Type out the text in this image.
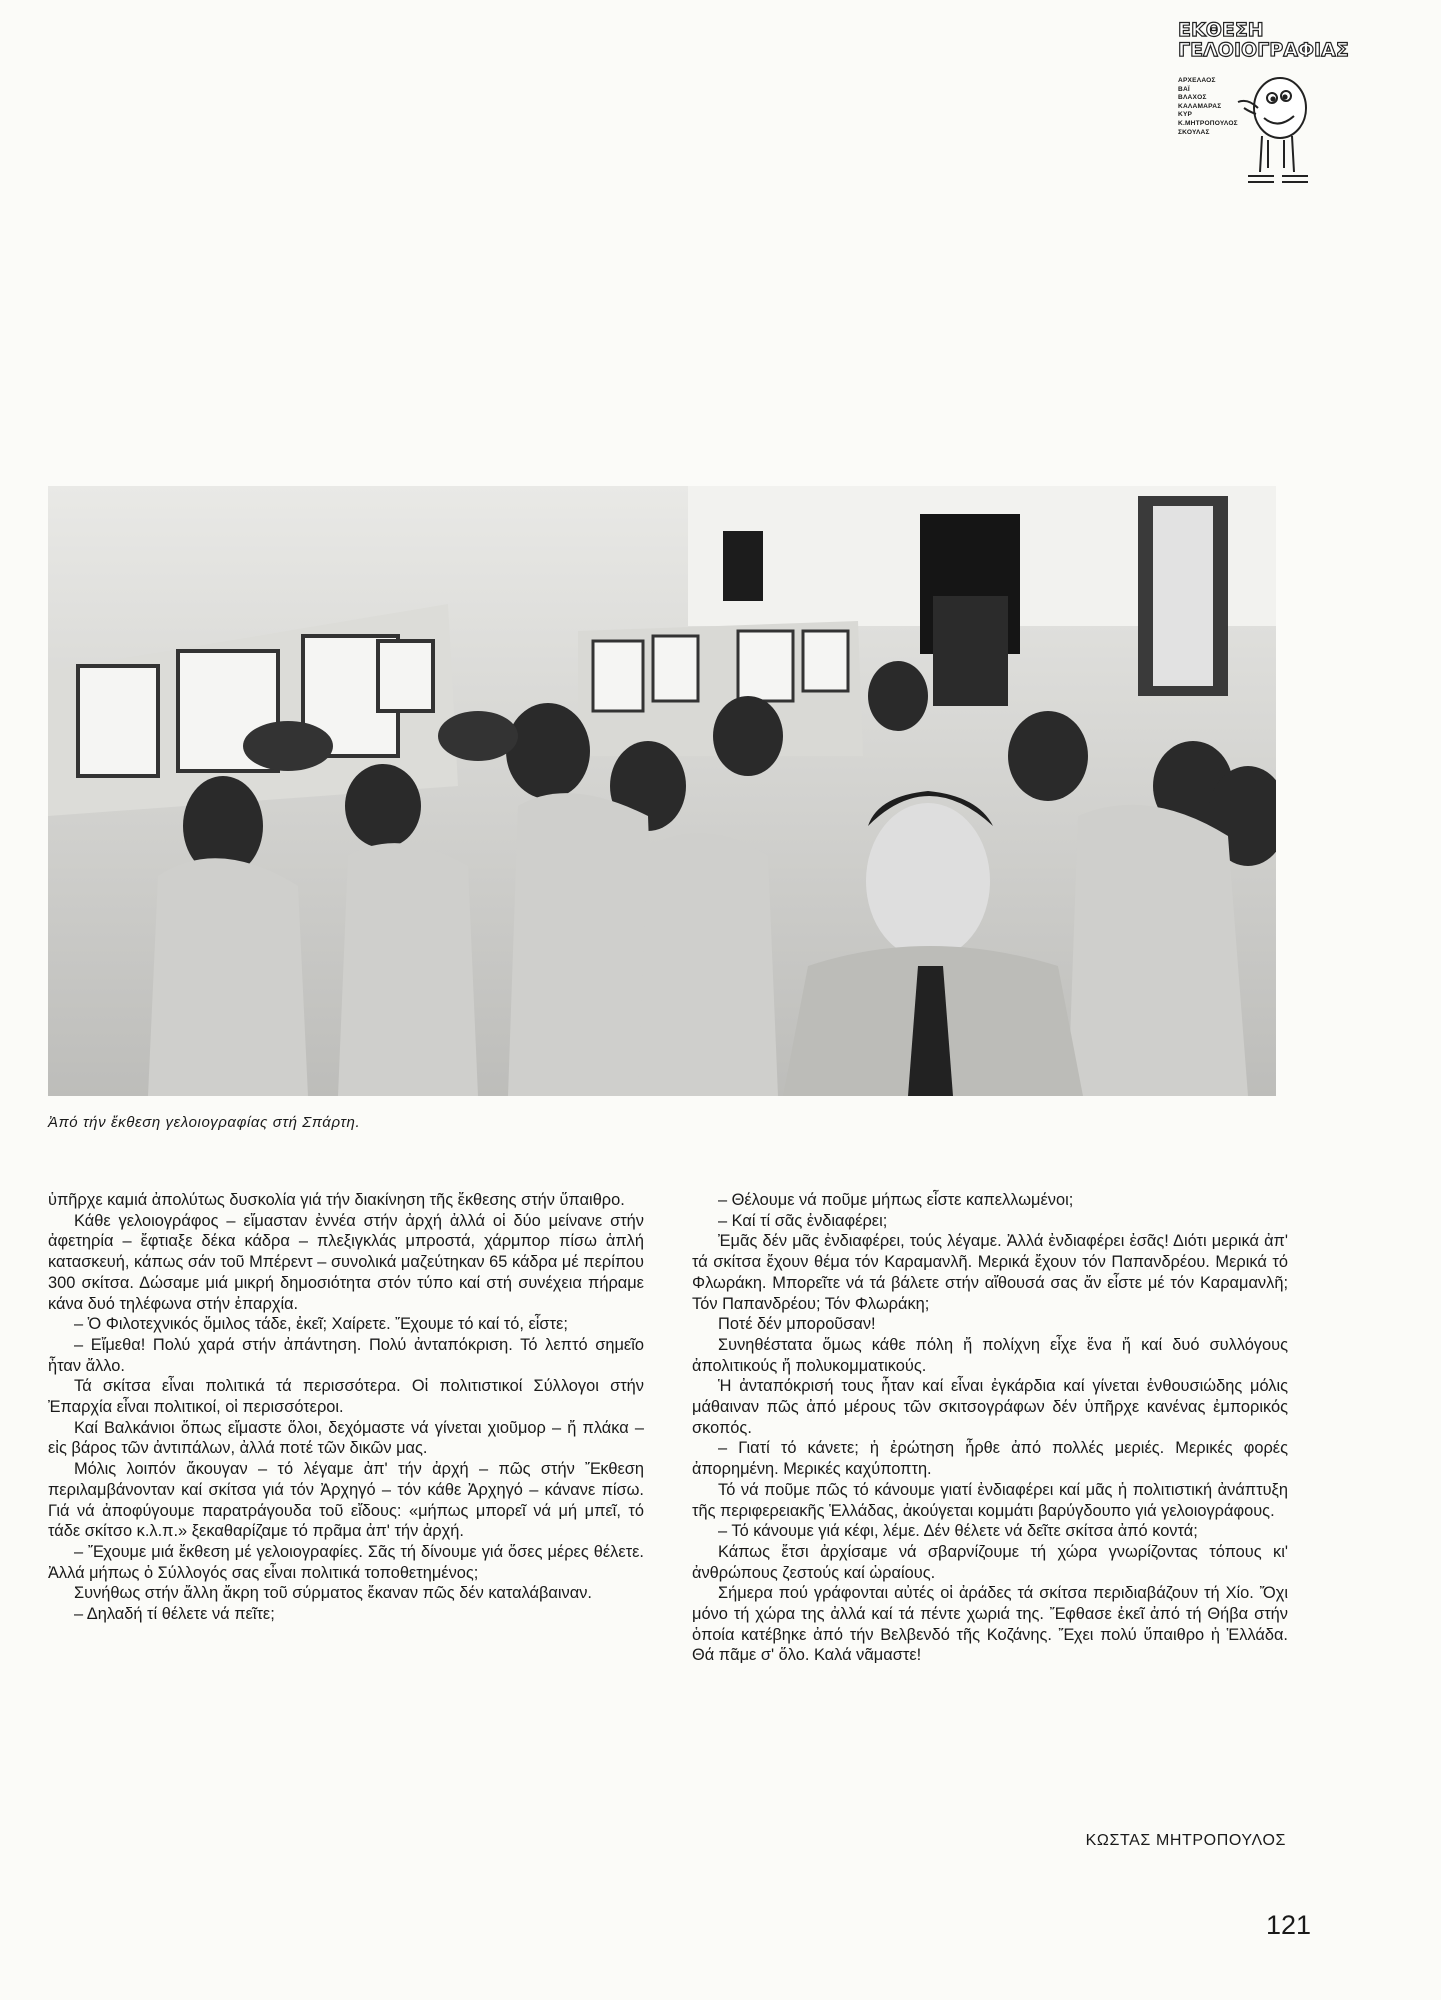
ΕΚΘΕΣΗ
ΓΕΛΟΙΟΓΡΑΦΙΑΣ
ΑΡΧΕΛΑΟΣ
ΒΑΪ
ΒΛΑΧΟΣ
ΚΑΛΑΜΑΡΑΣ
ΚΥΡ
Κ.ΜΗΤΡΟΠΟΥΛΟΣ
ΣΚΟΥΛΑΣ
Ἀπό τήν ἔκθεση γελοιογραφίας στή Σπάρτη.

ὑπῆρχε καμιά ἀπολύτως δυσκολία γιά τήν διακίνηση τῆς ἔκθεσης στήν ὕπαιθρο.

Κάθε γελοιογράφος – εἴμασταν ἐννέα στήν ἀρχή ἀλλά οἱ δύο μείνανε στήν ἀφετηρία – ἔφτιαξε δέκα κάδρα – πλεξιγκλάς μπροστά, χάρμπορ πίσω ἁπλή κατασκευή, κάπως σάν τοῦ Μπέρεντ – συνολικά μαζεύτηκαν 65 κάδρα μέ περίπου 300 σκίτσα. Δώσαμε μιά μικρή δημοσιότητα στόν τύπο καί στή συνέχεια πήραμε κάνα δυό τηλέφωνα στήν ἐπαρχία.

– Ὁ Φιλοτεχνικός ὅμιλος τάδε, ἐκεῖ; Χαίρετε. Ἔχουμε τό καί τό, εἶστε;

– Εἴμεθα! Πολύ χαρά στήν ἀπάντηση. Πολύ ἀνταπόκριση. Τό λεπτό σημεῖο ἦταν ἄλλο.

Τά σκίτσα εἶναι πολιτικά τά περισσότερα. Οἱ πολιτιστικοί Σύλλογοι στήν Ἐπαρχία εἶναι πολιτικοί, οἱ περισσότεροι.

Καί Βαλκάνιοι ὅπως εἴμαστε ὅλοι, δεχόμαστε νά γίνεται χιοῦμορ – ἤ πλάκα – εἰς βάρος τῶν ἀντιπάλων, ἀλλά ποτέ τῶν δικῶν μας.

Μόλις λοιπόν ἄκουγαν – τό λέγαμε ἀπ' τήν ἀρχή – πῶς στήν Ἔκθεση περιλαμβάνονταν καί σκίτσα γιά τόν Ἀρχηγό – τόν κάθε Ἀρχηγό – κάνανε πίσω. Γιά νά ἀποφύγουμε παρατράγουδα τοῦ εἴδους: «μήπως μπορεῖ νά μή μπεῖ, τό τάδε σκίτσο κ.λ.π.» ξεκαθαρίζαμε τό πρᾶμα ἀπ' τήν ἀρχή.

– Ἔχουμε μιά ἔκθεση μέ γελοιογραφίες. Σᾶς τή δίνουμε γιά ὅσες μέρες θέλετε. Ἀλλά μήπως ὁ Σύλλογός σας εἶναι πολιτικά τοποθετημένος;

Συνήθως στήν ἄλλη ἄκρη τοῦ σύρματος ἔκαναν πῶς δέν καταλάβαιναν.

– Δηλαδή τί θέλετε νά πεῖτε;

– Θέλουμε νά ποῦμε μήπως εἶστε καπελλωμένοι;

– Καί τί σᾶς ἐνδιαφέρει;

Ἐμᾶς δέν μᾶς ἐνδιαφέρει, τούς λέγαμε. Ἀλλά ἐνδιαφέρει ἐσᾶς! Διότι μερικά ἀπ' τά σκίτσα ἔχουν θέμα τόν Καραμανλῆ. Μερικά ἔχουν τόν Παπανδρέου. Μερικά τό Φλωράκη. Μπορεῖτε νά τά βάλετε στήν αἴθουσά σας ἄν εἶστε μέ τόν Καραμανλῆ; Τόν Παπανδρέου; Τόν Φλωράκη;

Ποτέ δέν μποροῦσαν!

Συνηθέστατα ὅμως κάθε πόλη ἤ πολίχνη εἶχε ἕνα ἤ καί δυό συλλόγους ἀπολιτικούς ἤ πολυκομματικούς.

Ἡ ἀνταπόκρισή τους ἦταν καί εἶναι ἐγκάρδια καί γίνεται ἐνθουσιώδης μόλις μάθαιναν πῶς ἀπό μέρους τῶν σκιτσογράφων δέν ὑπῆρχε κανένας ἐμπορικός σκοπός.

– Γιατί τό κάνετε; ἡ ἐρώτηση ἦρθε ἀπό πολλές μεριές. Μερικές φορές ἀπορημένη. Μερικές καχύποπτη.

Τό νά ποῦμε πῶς τό κάνουμε γιατί ἐνδιαφέρει καί μᾶς ἡ πολιτιστική ἀνάπτυξη τῆς περιφερειακῆς Ἑλλάδας, ἀκούγεται κομμάτι βαρύγδουπο γιά γελοιογράφους.

– Τό κάνουμε γιά κέφι, λέμε. Δέν θέλετε νά δεῖτε σκίτσα ἀπό κοντά;

Κάπως ἔτσι ἀρχίσαμε νά σβαρνίζουμε τή χώρα γνωρίζοντας τόπους κι' ἀνθρώπους ζεστούς καί ὡραίους.

Σήμερα πού γράφονται αὐτές οἱ ἀράδες τά σκίτσα περιδιαβάζουν τή Χίο. Ὄχι μόνο τή χώρα της ἀλλά καί τά πέντε χωριά της. Ἔφθασε ἐκεῖ ἀπό τή Θήβα στήν ὁποία κατέβηκε ἀπό τήν Βελβενδό τῆς Κοζάνης. Ἔχει πολύ ὕπαιθρο ἡ Ἑλλάδα. Θά πᾶμε σ' ὅλο. Καλά νᾶμαστε!

ΚΩΣΤΑΣ ΜΗΤΡΟΠΟΥΛΟΣ
121
